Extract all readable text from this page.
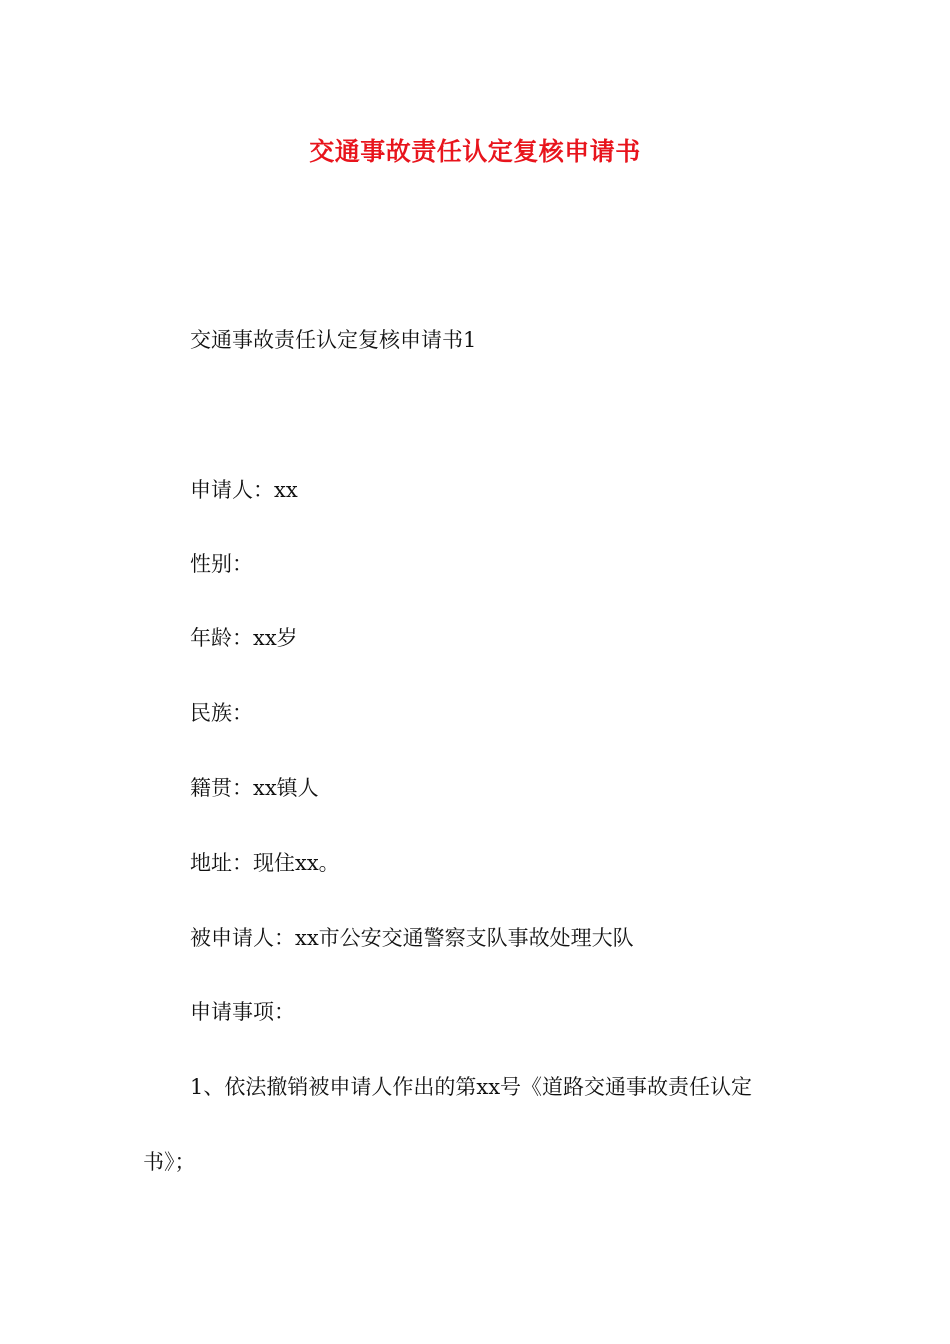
交通事故责任认定复核申请书
交通事故责任认定复核申请书1
申请人：xx
性别：
年龄：xx岁
民族：
籍贯：xx镇人
地址：现住xx。
被申请人：xx市公安交通警察支队事故处理大队
申请事项：
1、依法撤销被申请人作出的第xx号《道路交通事故责任认定
书》；
